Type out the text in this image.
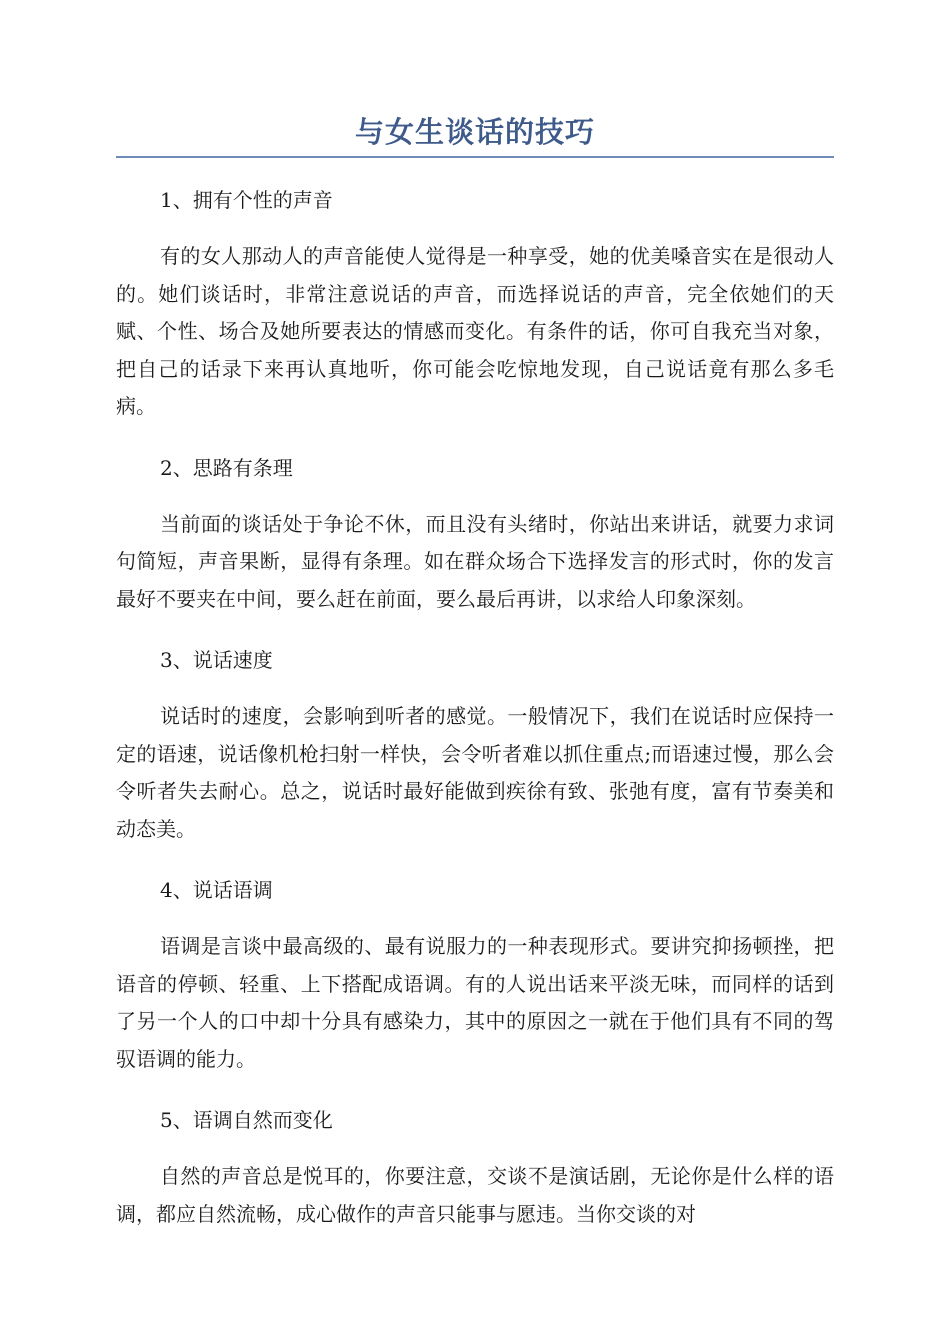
与女生谈话的技巧

1、拥有个性的声音

有的女人那动人的声音能使人觉得是一种享受，她的优美嗓音实在是很动人的。她们谈话时，非常注意说话的声音，而选择说话的声音，完全依她们的天赋、个性、场合及她所要表达的情感而变化。有条件的话，你可自我充当对象，把自己的话录下来再认真地听，你可能会吃惊地发现，自己说话竟有那么多毛病。

2、思路有条理

当前面的谈话处于争论不休，而且没有头绪时，你站出来讲话，就要力求词句简短，声音果断，显得有条理。如在群众场合下选择发言的形式时，你的发言最好不要夹在中间，要么赶在前面，要么最后再讲，以求给人印象深刻。

3、说话速度

说话时的速度，会影响到听者的感觉。一般情况下，我们在说话时应保持一定的语速，说话像机枪扫射一样快，会令听者难以抓住重点;而语速过慢，那么会令听者失去耐心。总之，说话时最好能做到疾徐有致、张弛有度，富有节奏美和动态美。

4、说话语调

语调是言谈中最高级的、最有说服力的一种表现形式。要讲究抑扬顿挫，把语音的停顿、轻重、上下搭配成语调。有的人说出话来平淡无味，而同样的话到了另一个人的口中却十分具有感染力，其中的原因之一就在于他们具有不同的驾驭语调的能力。

5、语调自然而变化

自然的声音总是悦耳的，你要注意，交谈不是演话剧，无论你是什么样的语调，都应自然流畅，成心做作的声音只能事与愿违。当你交谈的对
